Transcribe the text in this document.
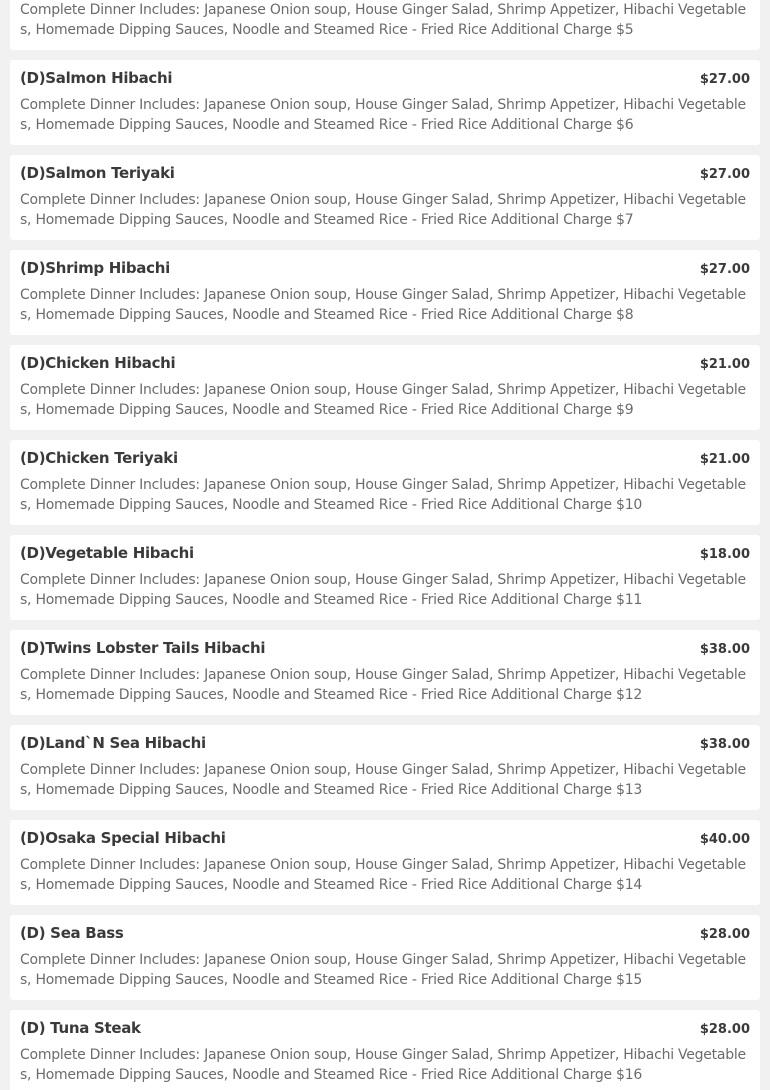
Complete Dinner Includes: Japanese Onion soup, House Ginger Salad, Shrimp Appetizer, Hibachi Vegetables, Homemade Dipping Sauces, Noodle and Steamed Rice - Fried Rice Additional Charge $5
(D)Salmon Hibachi	$27.00
Complete Dinner Includes: Japanese Onion soup, House Ginger Salad, Shrimp Appetizer, Hibachi Vegetables, Homemade Dipping Sauces, Noodle and Steamed Rice - Fried Rice Additional Charge $6
(D)Salmon Teriyaki	$27.00
Complete Dinner Includes: Japanese Onion soup, House Ginger Salad, Shrimp Appetizer, Hibachi Vegetables, Homemade Dipping Sauces, Noodle and Steamed Rice - Fried Rice Additional Charge $7
(D)Shrimp Hibachi	$27.00
Complete Dinner Includes: Japanese Onion soup, House Ginger Salad, Shrimp Appetizer, Hibachi Vegetables, Homemade Dipping Sauces, Noodle and Steamed Rice - Fried Rice Additional Charge $8
(D)Chicken Hibachi	$21.00
Complete Dinner Includes: Japanese Onion soup, House Ginger Salad, Shrimp Appetizer, Hibachi Vegetables, Homemade Dipping Sauces, Noodle and Steamed Rice - Fried Rice Additional Charge $9
(D)Chicken Teriyaki	$21.00
Complete Dinner Includes: Japanese Onion soup, House Ginger Salad, Shrimp Appetizer, Hibachi Vegetables, Homemade Dipping Sauces, Noodle and Steamed Rice - Fried Rice Additional Charge $10
(D)Vegetable Hibachi	$18.00
Complete Dinner Includes: Japanese Onion soup, House Ginger Salad, Shrimp Appetizer, Hibachi Vegetables, Homemade Dipping Sauces, Noodle and Steamed Rice - Fried Rice Additional Charge $11
(D)Twins Lobster Tails Hibachi	$38.00
Complete Dinner Includes: Japanese Onion soup, House Ginger Salad, Shrimp Appetizer, Hibachi Vegetables, Homemade Dipping Sauces, Noodle and Steamed Rice - Fried Rice Additional Charge $12
(D)Land`N Sea Hibachi	$38.00
Complete Dinner Includes: Japanese Onion soup, House Ginger Salad, Shrimp Appetizer, Hibachi Vegetables, Homemade Dipping Sauces, Noodle and Steamed Rice - Fried Rice Additional Charge $13
(D)Osaka Special Hibachi	$40.00
Complete Dinner Includes: Japanese Onion soup, House Ginger Salad, Shrimp Appetizer, Hibachi Vegetables, Homemade Dipping Sauces, Noodle and Steamed Rice - Fried Rice Additional Charge $14
(D) Sea Bass	$28.00
Complete Dinner Includes: Japanese Onion soup, House Ginger Salad, Shrimp Appetizer, Hibachi Vegetables, Homemade Dipping Sauces, Noodle and Steamed Rice - Fried Rice Additional Charge $15
(D) Tuna Steak	$28.00
Complete Dinner Includes: Japanese Onion soup, House Ginger Salad, Shrimp Appetizer, Hibachi Vegetables, Homemade Dipping Sauces, Noodle and Steamed Rice - Fried Rice Additional Charge $16
